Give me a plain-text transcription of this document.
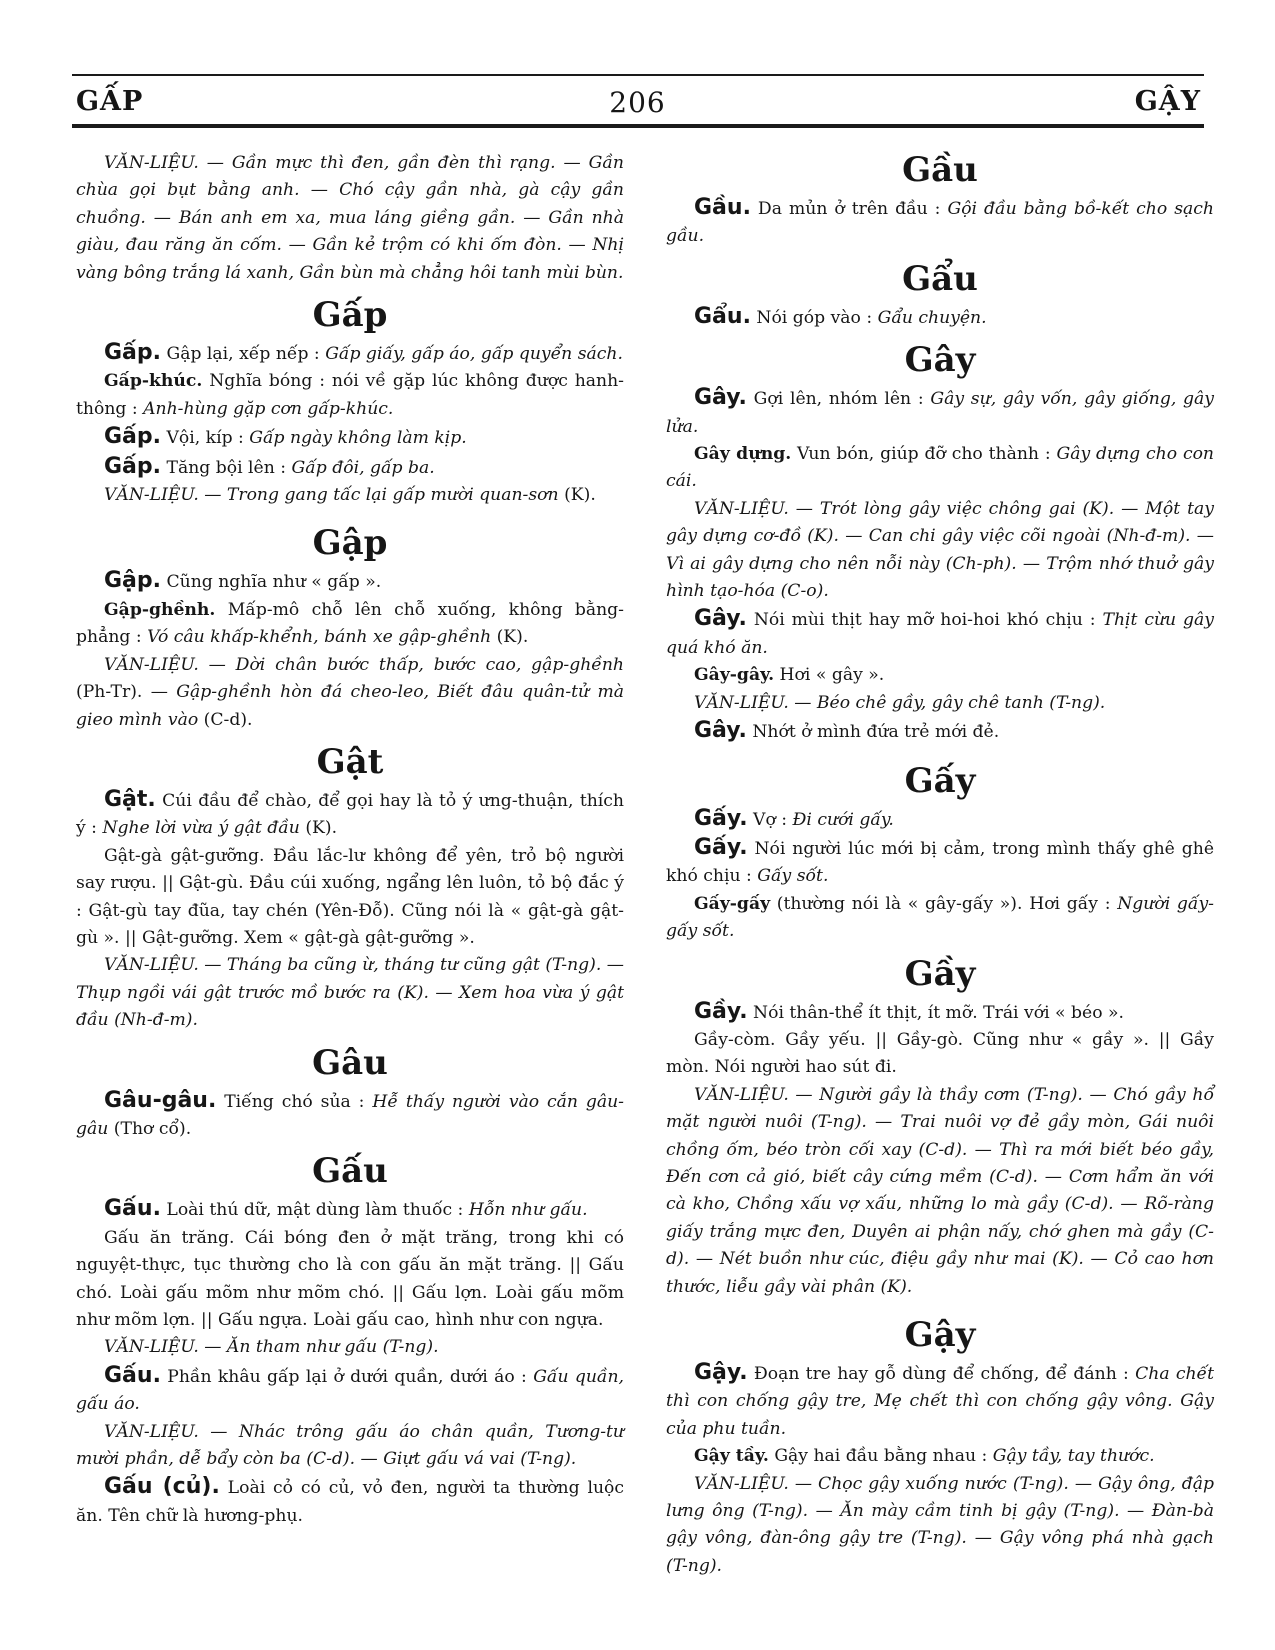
GẤP	206	GẬY

VĂN-LIỆU. — Gần mực thì đen, gần đèn thì rạng. — Gần chùa gọi bụt bằng anh. — Chó cậy gần nhà, gà cậy gần chuồng. — Bán anh em xa, mua láng giềng gần. — Gần nhà giàu, đau răng ăn cốm. — Gần kẻ trộm có khi ốm đòn. — Nhị vàng bông trắng lá xanh, Gần bùn mà chẳng hôi tanh mùi bùn.

Gấp

Gấp. Gập lại, xếp nếp : Gấp giấy, gấp áo, gấp quyển sách.

Gấp-khúc. Nghĩa bóng : nói về gặp lúc không được hanh-thông : Anh-hùng gặp cơn gấp-khúc.

Gấp. Vội, kíp : Gấp ngày không làm kịp.

Gấp. Tăng bội lên : Gấp đôi, gấp ba.

VĂN-LIỆU. — Trong gang tấc lại gấp mười quan-sơn (K).

Gập

Gập. Cũng nghĩa như « gấp ».

Gập-ghềnh. Mấp-mô chỗ lên chỗ xuống, không bằng-phẳng : Vó câu khấp-khểnh, bánh xe gập-ghềnh (K).

VĂN-LIỆU. — Dời chân bước thấp, bước cao, gập-ghềnh (Ph-Tr). — Gập-ghềnh hòn đá cheo-leo, Biết đâu quân-tử mà gieo mình vào (C-d).

Gật

Gật. Cúi đầu để chào, để gọi hay là tỏ ý ưng-thuận, thích ý : Nghe lời vừa ý gật đầu (K).

Gật-gà gật-gưỡng. Đầu lắc-lư không để yên, trỏ bộ người say rượu. || Gật-gù. Đầu cúi xuống, ngẩng lên luôn, tỏ bộ đắc ý : Gật-gù tay đũa, tay chén (Yên-Đỗ). Cũng nói là « gật-gà gật-gù ». || Gật-gưỡng. Xem « gật-gà gật-gưỡng ».

VĂN-LIỆU. — Tháng ba cũng ừ, tháng tư cũng gật (T-ng). — Thụp ngồi vái gật trước mồ bước ra (K). — Xem hoa vừa ý gật đầu (Nh-đ-m).

Gâu

Gâu-gâu. Tiếng chó sủa : Hễ thấy người vào cắn gâu-gâu (Thơ cổ).

Gấu

Gấu. Loài thú dữ, mật dùng làm thuốc : Hỗn như gấu.

Gấu ăn trăng. Cái bóng đen ở mặt trăng, trong khi có nguyệt-thực, tục thường cho là con gấu ăn mặt trăng. || Gấu chó. Loài gấu mõm như mõm chó. || Gấu lợn. Loài gấu mõm như mõm lợn. || Gấu ngựa. Loài gấu cao, hình như con ngựa.

VĂN-LIỆU. — Ăn tham như gấu (T-ng).

Gấu. Phần khâu gấp lại ở dưới quần, dưới áo : Gấu quần, gấu áo.

VĂN-LIỆU. — Nhác trông gấu áo chân quần, Tương-tư mười phần, dễ bẩy còn ba (C-d). — Giựt gấu vá vai (T-ng).

Gấu (củ). Loài cỏ có củ, vỏ đen, người ta thường luộc ăn. Tên chữ là hương-phụ.

Gầu

Gầu. Da mủn ở trên đầu : Gội đầu bằng bồ-kết cho sạch gầu.

Gẩu

Gẩu. Nói góp vào : Gẩu chuyện.

Gây

Gây. Gợi lên, nhóm lên : Gây sự, gây vốn, gây giống, gây lửa.

Gây dựng. Vun bón, giúp đỡ cho thành : Gây dựng cho con cái.

VĂN-LIỆU. — Trót lòng gây việc chông gai (K). — Một tay gây dựng cơ-đồ (K). — Can chi gây việc cõi ngoài (Nh-đ-m). — Vì ai gây dựng cho nên nỗi này (Ch-ph). — Trộm nhớ thuở gây hình tạo-hóa (C-o).

Gây. Nói mùi thịt hay mỡ hoi-hoi khó chịu : Thịt cừu gây quá khó ăn.

Gây-gây. Hơi « gây ».

VĂN-LIỆU. — Béo chê gầy, gây chê tanh (T-ng).

Gây. Nhớt ở mình đứa trẻ mới đẻ.

Gấy

Gấy. Vợ : Đi cưới gấy.

Gấy. Nói người lúc mới bị cảm, trong mình thấy ghê ghê khó chịu : Gấy sốt.

Gấy-gấy (thường nói là « gây-gấy »). Hơi gấy : Người gấy-gấy sốt.

Gầy

Gầy. Nói thân-thể ít thịt, ít mỡ. Trái với « béo ».

Gầy-còm. Gầy yếu. || Gầy-gò. Cũng như « gầy ». || Gầy mòn. Nói người hao sút đi.

VĂN-LIỆU. — Người gầy là thầy cơm (T-ng). — Chó gầy hổ mặt người nuôi (T-ng). — Trai nuôi vợ đẻ gầy mòn, Gái nuôi chồng ốm, béo tròn cối xay (C-d). — Thì ra mới biết béo gầy, Đến cơn cả gió, biết cây cứng mềm (C-d). — Cơm hẩm ăn với cà kho, Chồng xấu vợ xấu, những lo mà gầy (C-d). — Rõ-ràng giấy trắng mực đen, Duyên ai phận nấy, chớ ghen mà gầy (C-d). — Nét buồn như cúc, điệu gầy như mai (K). — Cỏ cao hơn thước, liễu gầy vài phân (K).

Gậy

Gậy. Đoạn tre hay gỗ dùng để chống, để đánh : Cha chết thì con chống gậy tre, Mẹ chết thì con chống gậy vông. Gậy của phu tuần.

Gậy tầy. Gậy hai đầu bằng nhau : Gậy tầy, tay thước.

VĂN-LIỆU. — Chọc gậy xuống nước (T-ng). — Gậy ông, đập lưng ông (T-ng). — Ăn mày cầm tinh bị gậy (T-ng). — Đàn-bà gậy vông, đàn-ông gậy tre (T-ng). — Gậy vông phá nhà gạch (T-ng).
